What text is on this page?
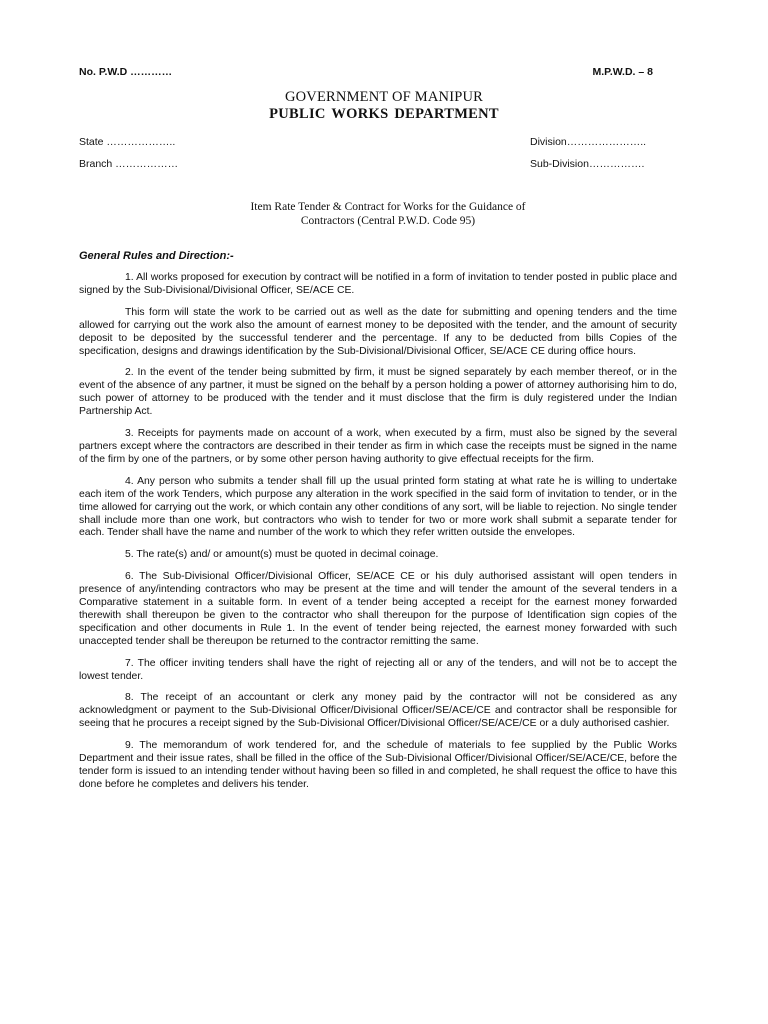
No. P.W.D …………	M.P.W.D. – 8
GOVERNMENT OF MANIPUR
PUBLIC WORKS DEPARTMENT
State ………………..
Branch ………………
Division…………………..
Sub-Division…………….
Item Rate Tender & Contract for Works for the Guidance of
Contractors (Central P.W.D. Code 95)
General Rules and Direction:-

1. All works proposed for execution by contract will be notified in a form of invitation to tender posted in public place and signed by the Sub-Divisional/Divisional Officer, SE/ACE CE.

This form will state the work to be carried out as well as the date for submitting and opening tenders and the time allowed for carrying out the work also the amount of earnest money to be deposited with the tender, and the amount of security deposit to be deposited by the successful tenderer and the percentage. If any to be deducted from bills Copies of the specification, designs and drawings identification by the Sub-Divisional/Divisional Officer, SE/ACE CE during office hours.

2. In the event of the tender being submitted by firm, it must be signed separately by each member thereof, or in the event of the absence of any partner, it must be signed on the behalf by a person holding a power of attorney authorising him to do, such power of attorney to be produced with the tender and it must disclose that the firm is duly registered under the Indian Partnership Act.

3. Receipts for payments made on account of a work, when executed by a firm, must also be signed by the several partners except where the contractors are described in their tender as firm in which case the receipts must be signed in the name of the firm by one of the partners, or by some other person having authority to give effectual receipts for the firm.

4. Any person who submits a tender shall fill up the usual printed form stating at what rate he is willing to undertake each item of the work Tenders, which purpose any alteration in the work specified in the said form of invitation to tender, or in the time allowed for carrying out the work, or which contain any other conditions of any sort, will be liable to rejection. No single tender shall include more than one work, but contractors who wish to tender for two or more work shall submit a separate tender for each. Tender shall have the name and number of the work to which they refer written outside the envelopes.

5. The rate(s) and/ or amount(s) must be quoted in decimal coinage.

6. The Sub-Divisional Officer/Divisional Officer, SE/ACE CE or his duly authorised assistant will open tenders in presence of any/intending contractors who may be present at the time and will tender the amount of the several tenders in a Comparative statement in a suitable form. In event of a tender being accepted a receipt for the earnest money forwarded therewith shall thereupon be given to the contractor who shall thereupon for the purpose of Identification sign copies of the specification and other documents in Rule 1. In the event of tender being rejected, the earnest money forwarded with such unaccepted tender shall be thereupon be returned to the contractor remitting the same.

7. The officer inviting tenders shall have the right of rejecting all or any of the tenders, and will not be to accept the lowest tender.

8. The receipt of an accountant or clerk any money paid by the contractor will not be considered as any acknowledgment or payment to the Sub-Divisional Officer/Divisional Officer/SE/ACE/CE and contractor shall be responsible for seeing that he procures a receipt signed by the Sub-Divisional Officer/Divisional Officer/SE/ACE/CE or a duly authorised cashier.

9. The memorandum of work tendered for, and the schedule of materials to fee supplied by the Public Works Department and their issue rates, shall be filled in the office of the Sub-Divisional Officer/Divisional Officer/SE/ACE/CE, before the tender form is issued to an intending tender without having been so filled in and completed, he shall request the office to have this done before he completes and delivers his tender.
